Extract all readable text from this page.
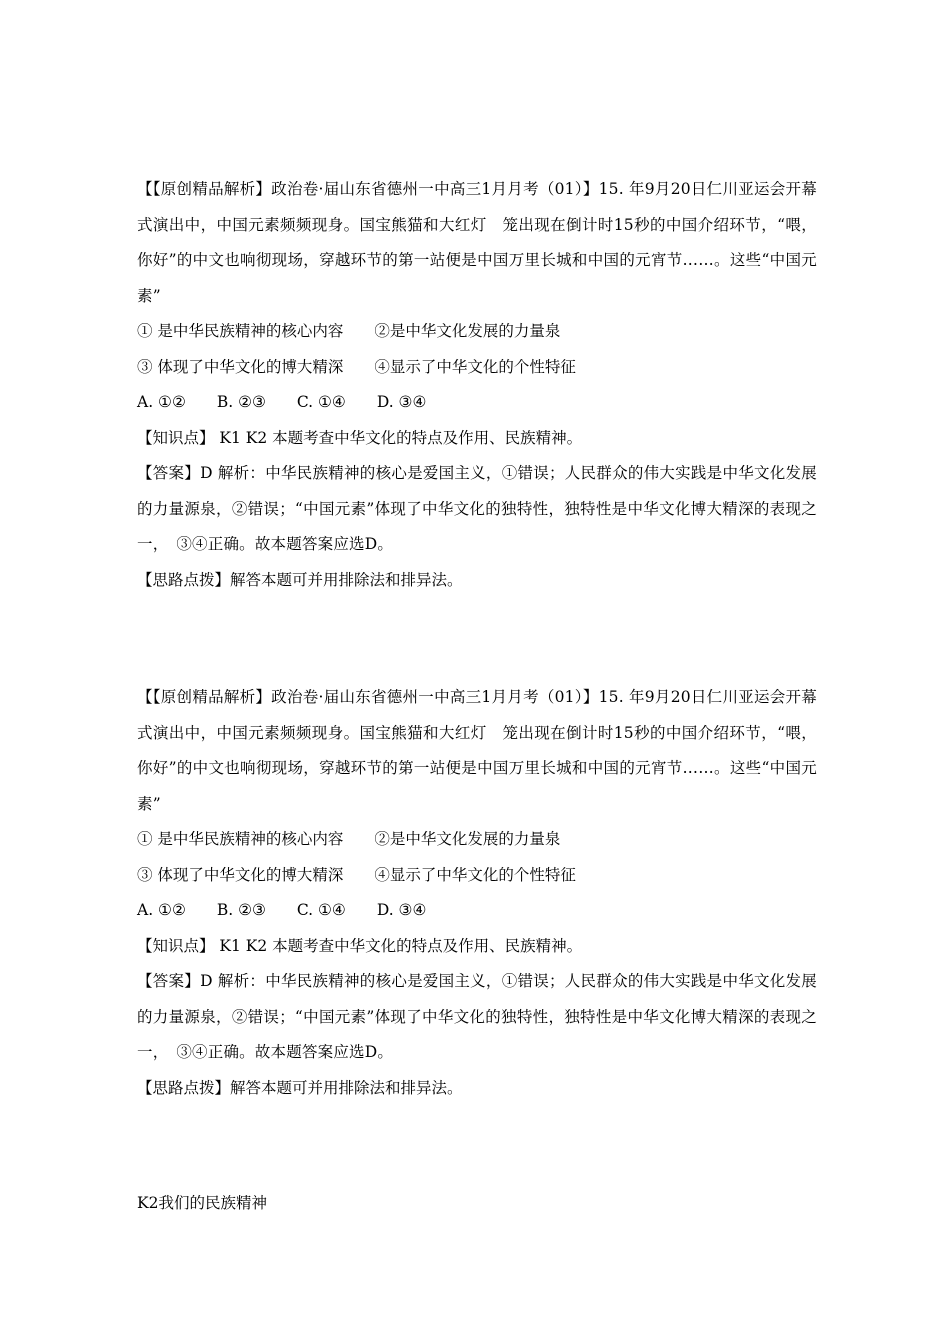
【【原创精品解析】政治卷·届山东省德州一中高三1月月考（01）】15. 年9月20日仁川亚运会开幕式演出中，中国元素频频现身。国宝熊猫和大红灯　笼出现在倒计时15秒的中国介绍环节，“喂，你好”的中文也响彻现场，穿越环节的第一站便是中国万里长城和中国的元宵节……。这些“中国元素”
① 是中华民族精神的核心内容　　②是中华文化发展的力量泉
③ 体现了中华文化的博大精深　　④显示了中华文化的个性特征
A. ①②　　B. ②③　　C. ①④　　D. ③④
【知识点】 K1 K2 本题考查中华文化的特点及作用、民族精神。
【答案】D 解析：中华民族精神的核心是爱国主义，①错误；人民群众的伟大实践是中华文化发展的力量源泉，②错误；“中国元素”体现了中华文化的独特性，独特性是中华文化博大精深的表现之一，　③④正确。故本题答案应选D。
【思路点拨】解答本题可并用排除法和排异法。
【【原创精品解析】政治卷·届山东省德州一中高三1月月考（01）】15. 年9月20日仁川亚运会开幕式演出中，中国元素频频现身。国宝熊猫和大红灯　笼出现在倒计时15秒的中国介绍环节，“喂，你好”的中文也响彻现场，穿越环节的第一站便是中国万里长城和中国的元宵节……。这些“中国元素”
① 是中华民族精神的核心内容　　②是中华文化发展的力量泉
③ 体现了中华文化的博大精深　　④显示了中华文化的个性特征
A. ①②　　B. ②③　　C. ①④　　D. ③④
【知识点】 K1 K2 本题考查中华文化的特点及作用、民族精神。
【答案】D 解析：中华民族精神的核心是爱国主义，①错误；人民群众的伟大实践是中华文化发展的力量源泉，②错误；“中国元素”体现了中华文化的独特性，独特性是中华文化博大精深的表现之一，　③④正确。故本题答案应选D。
【思路点拨】解答本题可并用排除法和排异法。
K2我们的民族精神
